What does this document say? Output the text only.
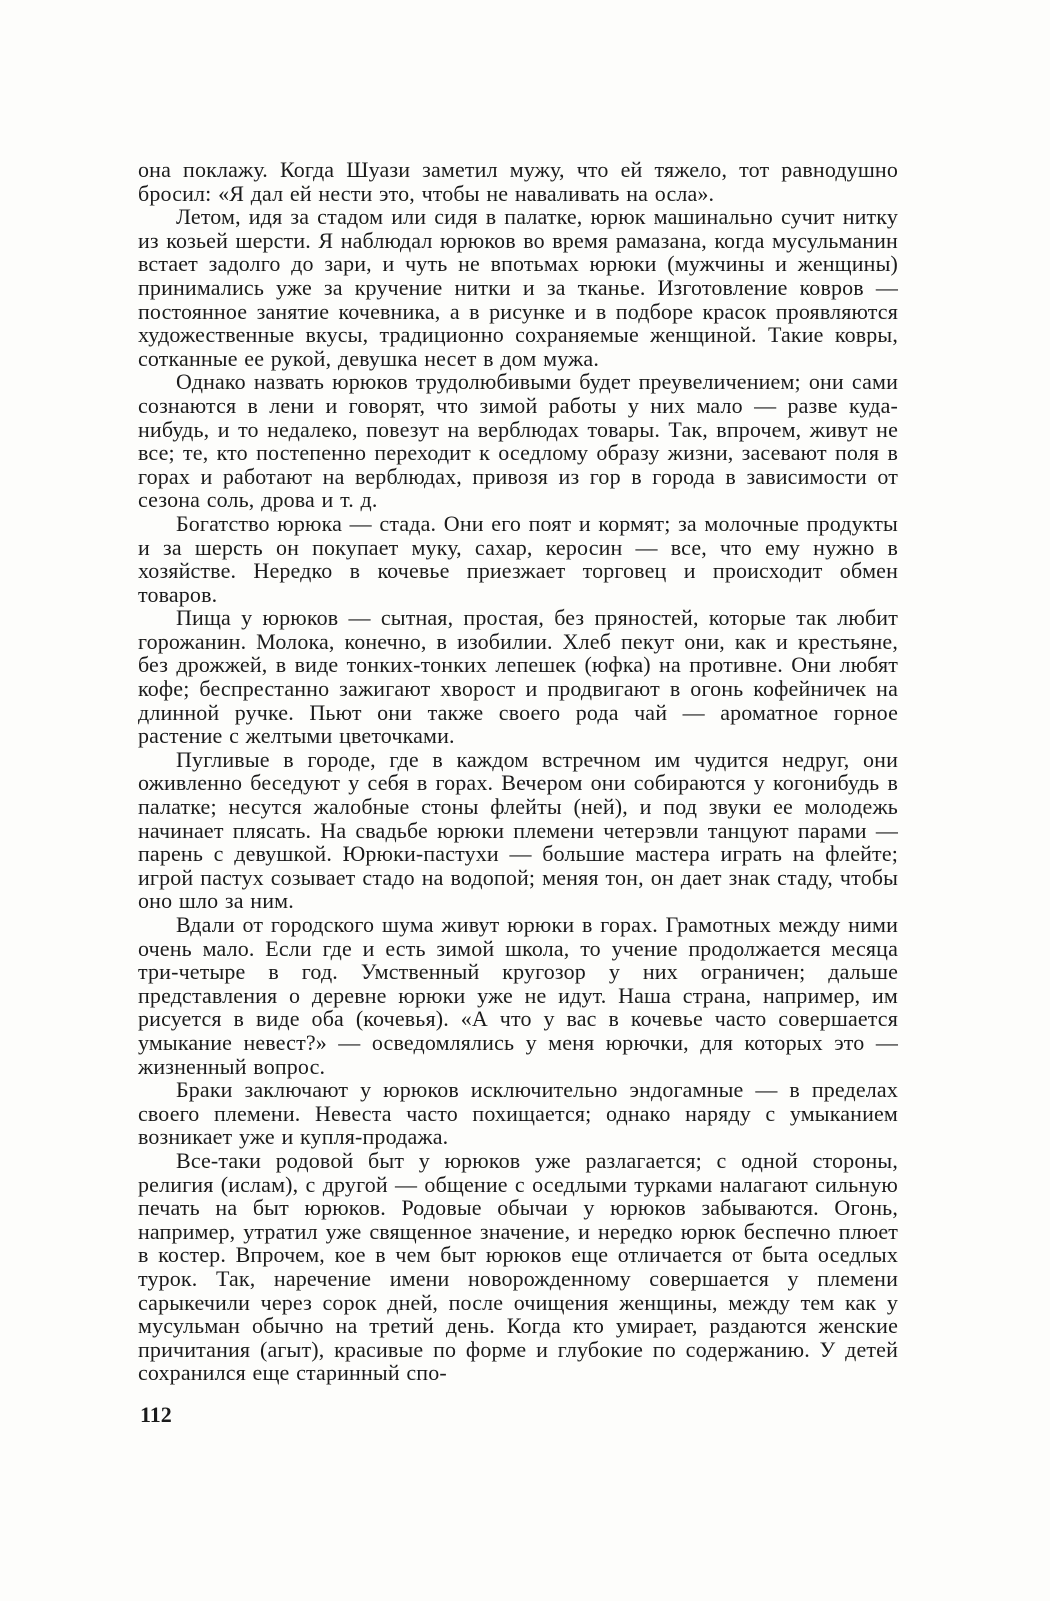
она поклажу. Когда Шуази заметил мужу, что ей тяжело, тот равнодушно бросил: «Я дал ей нести это, чтобы не наваливать на осла».

Летом, идя за стадом или сидя в палатке, юрюк машинально сучит нитку из козьей шерсти. Я наблюдал юрюков во время рамазана, когда мусульманин встает задолго до зари, и чуть не впотьмах юрюки (мужчины и женщины) принимались уже за кручение нитки и за тканье. Изготовление ковров — постоянное занятие кочевника, а в рисунке и в подборе красок проявляются художественные вкусы, традиционно сохраняемые женщиной. Такие ковры, сотканные ее рукой, девушка несет в дом мужа.

Однако назвать юрюков трудолюбивыми будет преувеличением; они сами сознаются в лени и говорят, что зимой работы у них мало — разве куда-нибудь, и то недалеко, повезут на верблюдах товары. Так, впрочем, живут не все; те, кто постепенно переходит к оседлому образу жизни, засевают поля в горах и работают на верблюдах, привозя из гор в города в зависимости от сезона соль, дрова и т. д.

Богатство юрюка — стада. Они его поят и кормят; за молочные продукты и за шерсть он покупает муку, сахар, керосин — все, что ему нужно в хозяйстве. Нередко в кочевье приезжает торговец и происходит обмен товаров.

Пища у юрюков — сытная, простая, без пряностей, которые так любит горожанин. Молока, конечно, в изобилии. Хлеб пекут они, как и крестьяне, без дрожжей, в виде тонких-тонких лепешек (юфка) на противне. Они любят кофе; беспрестанно зажигают хворост и продвигают в огонь кофейничек на длинной ручке. Пьют они также своего рода чай — ароматное горное растение с желтыми цветочками.

Пугливые в городе, где в каждом встречном им чудится недруг, они оживленно беседуют у себя в горах. Вечером они собираются у когонибудь в палатке; несутся жалобные стоны флейты (ней), и под звуки ее молодежь начинает плясать. На свадьбе юрюки племени четерэвли танцуют парами — парень с девушкой. Юрюки-пастухи — большие мастера играть на флейте; игрой пастух созывает стадо на водопой; меняя тон, он дает знак стаду, чтобы оно шло за ним.

Вдали от городского шума живут юрюки в горах. Грамотных между ними очень мало. Если где и есть зимой школа, то учение продолжается месяца три-четыре в год. Умственный кругозор у них ограничен; дальше представления о деревне юрюки уже не идут. Наша страна, например, им рисуется в виде оба (кочевья). «А что у вас в кочевье часто совершается умыкание невест?» — осведомлялись у меня юрючки, для которых это — жизненный вопрос.

Браки заключают у юрюков исключительно эндогамные — в пределах своего племени. Невеста часто похищается; однако наряду с умыканием возникает уже и купля-продажа.

Все-таки родовой быт у юрюков уже разлагается; с одной стороны, религия (ислам), с другой — общение с оседлыми турками налагают сильную печать на быт юрюков. Родовые обычаи у юрюков забываются. Огонь, например, утратил уже священное значение, и нередко юрюк беспечно плюет в костер. Впрочем, кое в чем быт юрюков еще отличается от быта оседлых турок. Так, наречение имени новорожденному совершается у племени сарыкечили через сорок дней, после очищения женщины, между тем как у мусульман обычно на третий день. Когда кто умирает, раздаются женские причитания (агыт), красивые по форме и глубокие по содержанию. У детей сохранился еще старинный спо-

112
